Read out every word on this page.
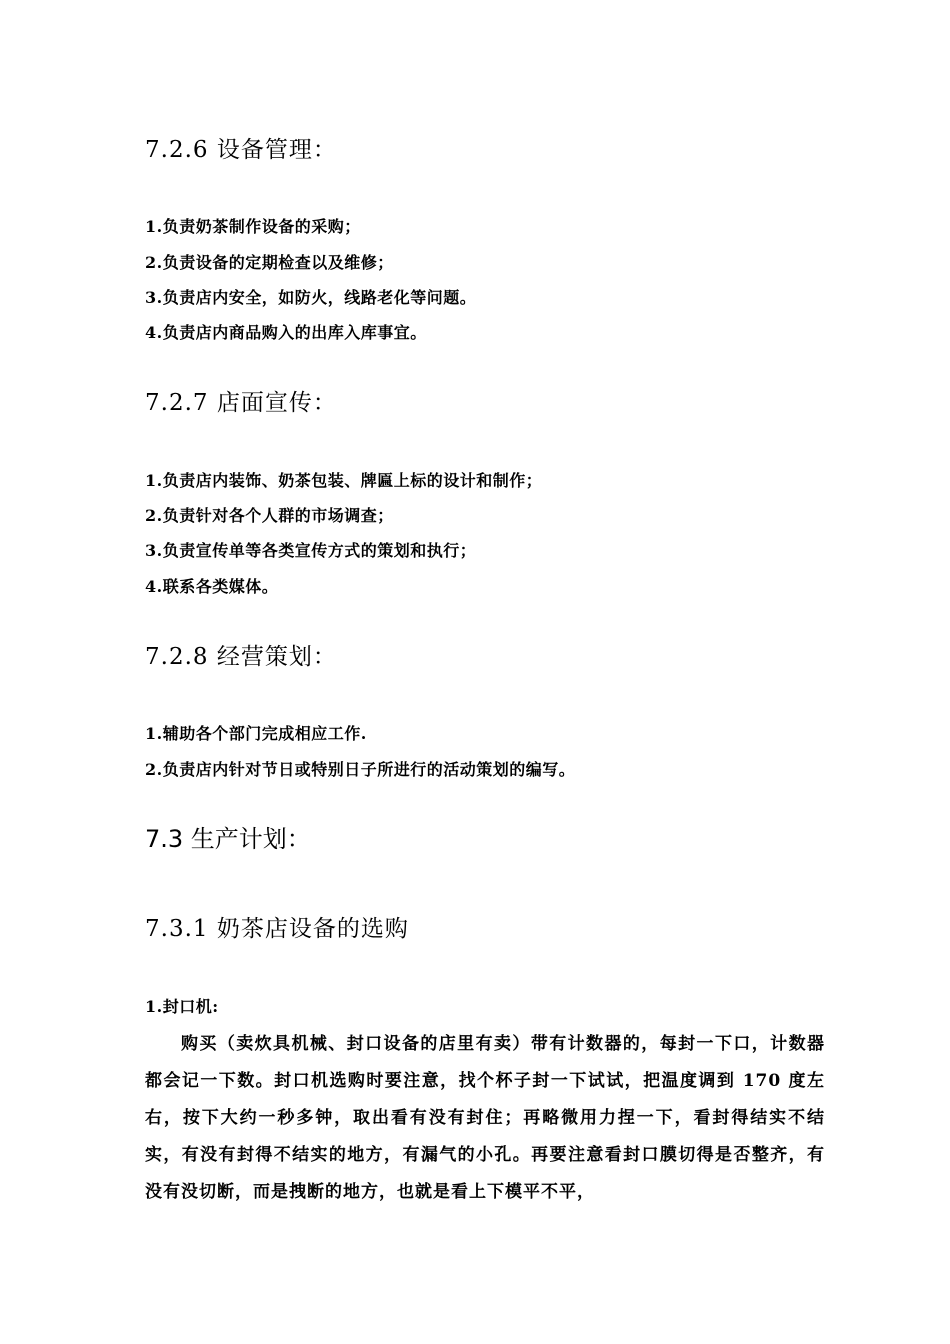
7.2.6 设备管理：

1.负责奶茶制作设备的采购；

2.负责设备的定期检查以及维修；

3.负责店内安全，如防火，线路老化等问题。

4.负责店内商品购入的出库入库事宜。

7.2.7 店面宣传：

1.负责店内装饰、奶茶包装、牌匾上标的设计和制作；

2.负责针对各个人群的市场调查；

3.负责宣传单等各类宣传方式的策划和执行；

4.联系各类媒体。

7.2.8 经营策划：

1.辅助各个部门完成相应工作.

2.负责店内针对节日或特别日子所进行的活动策划的编写。

7.3 生产计划：
7.3.1 奶茶店设备的选购

1.封口机:

购买（卖炊具机械、封口设备的店里有卖）带有计数器的，每封一下口，计数器都会记一下数。封口机选购时要注意，找个杯子封一下试试，把温度调到 170 度左右，按下大约一秒多钟，取出看有没有封住；再略微用力捏一下，看封得结实不结实，有没有封得不结实的地方，有漏气的小孔。再要注意看封口膜切得是否整齐，有没有没切断，而是拽断的地方，也就是看上下模平不平，
